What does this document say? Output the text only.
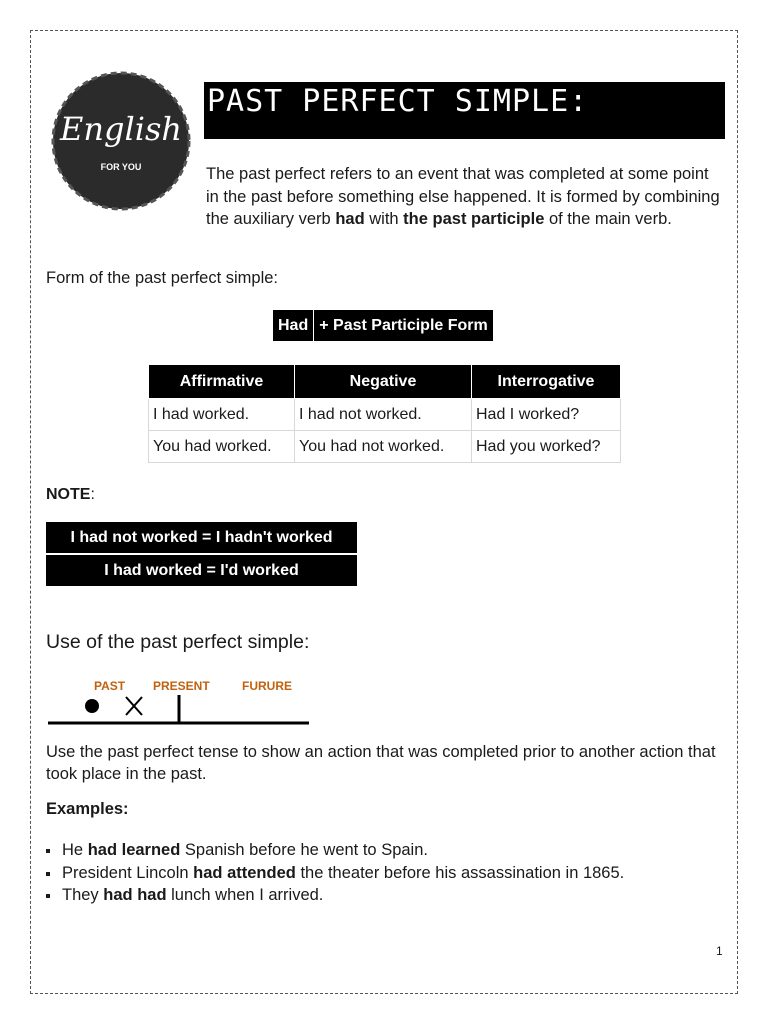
English
FOR YOU
PAST PERFECT SIMPLE:
The past perfect refers to an event that was completed at some point in the past before something else happened. It is formed by combining the auxiliary verb had with the past participle of the main verb.
Form of the past perfect simple:
Had + Past Participle Form
Affirmative	Negative	Interrogative
I had worked.	I had not worked.	Had I worked?
You had worked.	You had not worked.	Had you worked?
NOTE:
I had not worked = I hadn't worked
I had worked = I'd worked
Use of the past perfect simple:
PAST PRESENT	FURURE
Use the past perfect tense to show an action that was completed prior to another action that took place in the past.
Examples:
He had learned Spanish before he went to Spain.
President Lincoln had attended the theater before his assassination in 1865.
They had had lunch when I arrived.
1
